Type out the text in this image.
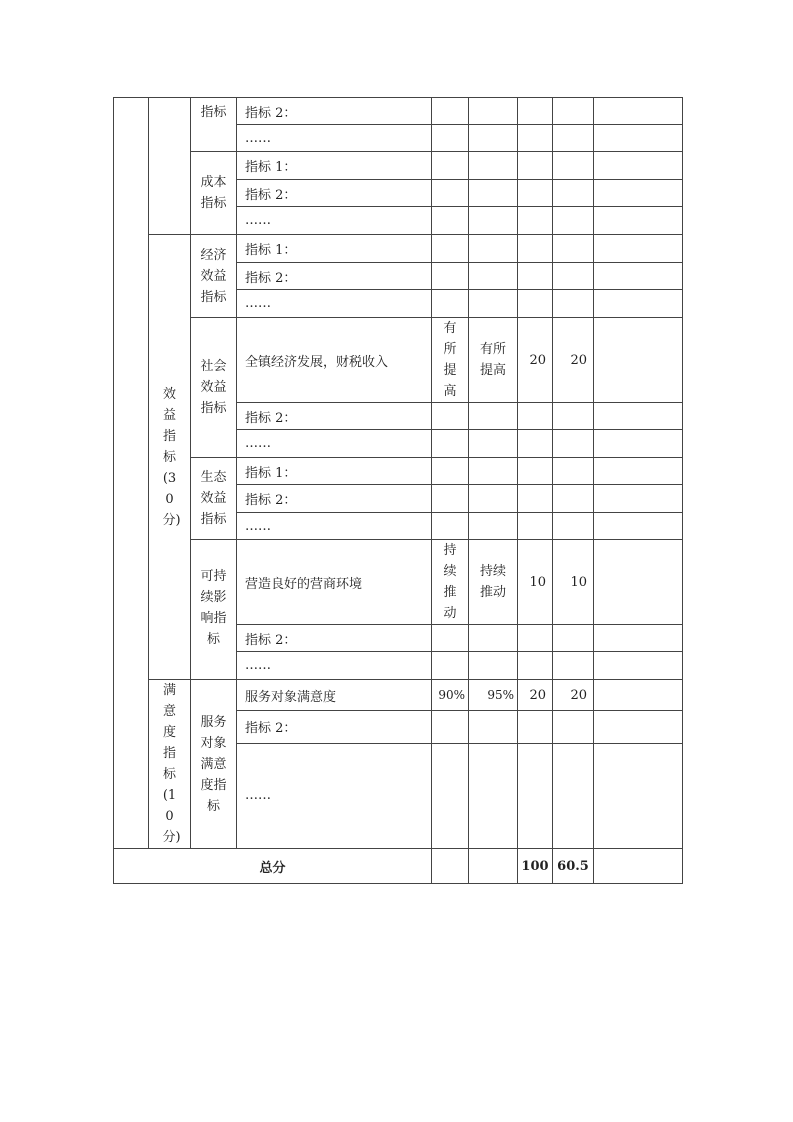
		指标	指标 2：					
			……					

		成本指标	指标 1：					
			指标 2：					
			……					

	效益指标(30分)	经济效益指标	指标 1：					
			指标 2：					
			……					

		社会效益指标	全镇经济发展，财税收入	有所提高	有所提高	20	20	
			指标 2：					
			……					

		生态效益指标	指标 1：					
			指标 2：					
			……					

		可持续影响指标	营造良好的营商环境	持续推动	持续推动	10	10	
			指标 2：					
			……					

	满意度指标(10分)	服务对象满意度指标	服务对象满意度	90%	95%	20	20	
			指标 2：					
			……					
总分						100	60.5	
